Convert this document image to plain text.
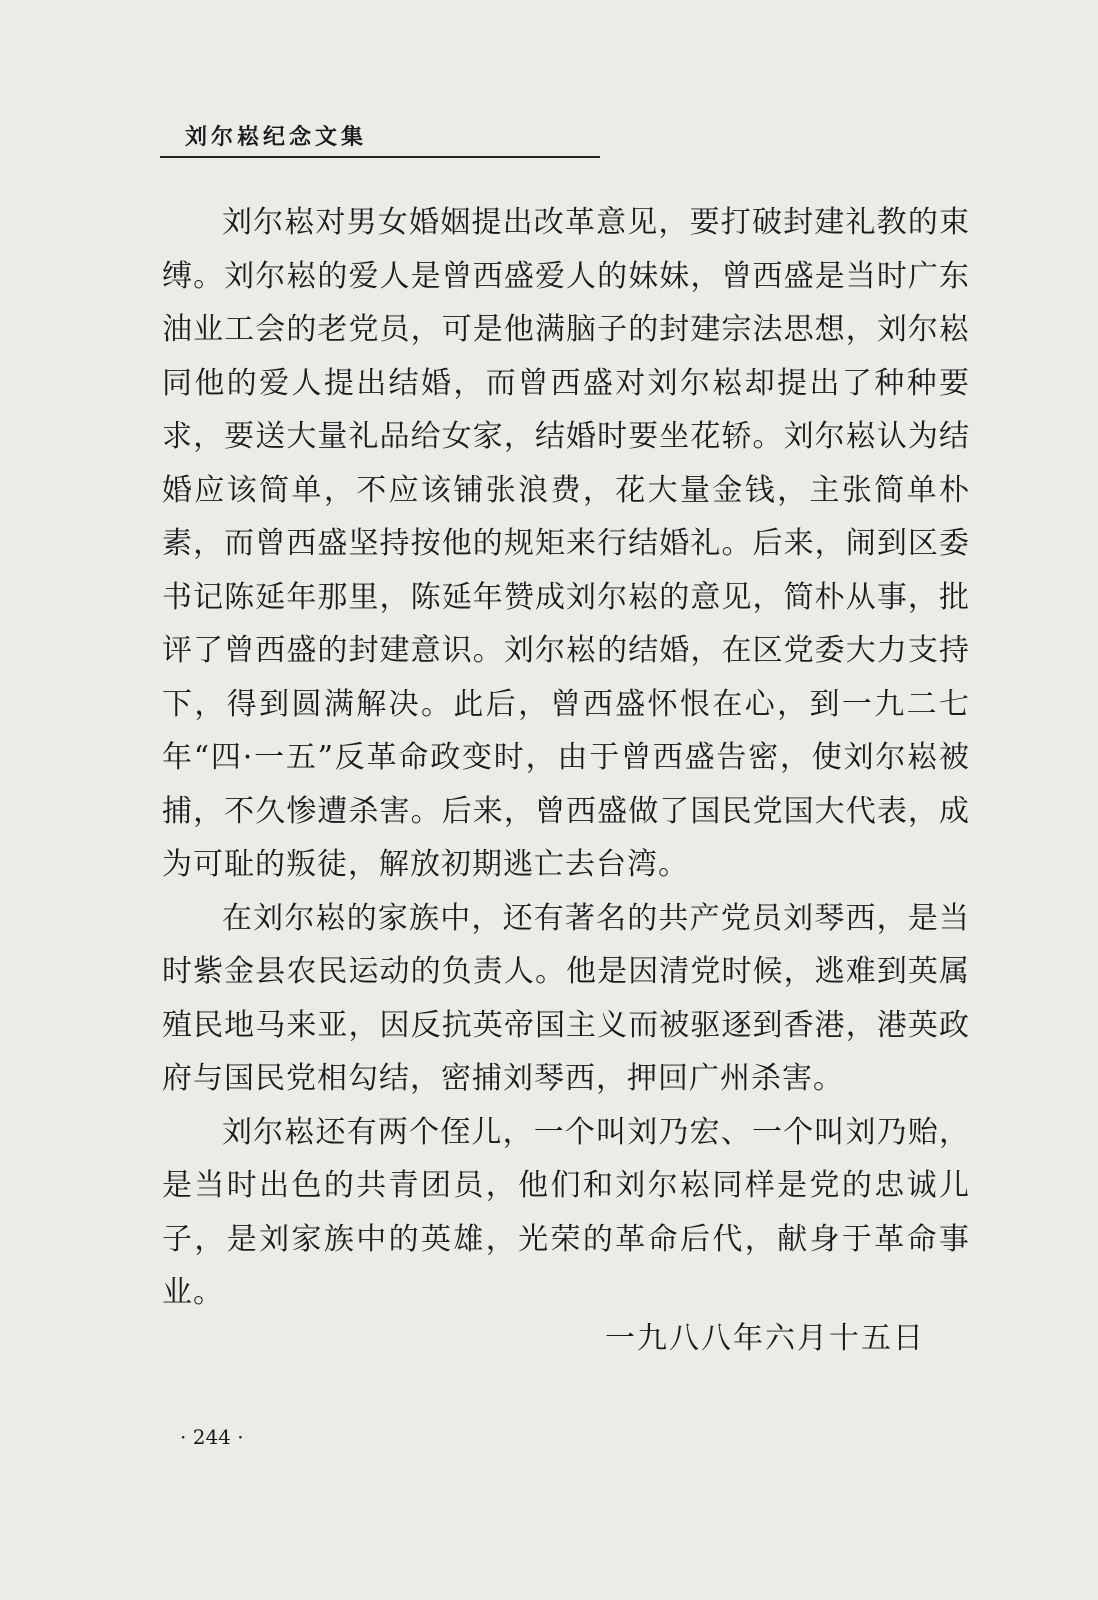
刘尔崧纪念文集

刘尔崧对男女婚姻提出改革意见，要打破封建礼教的束缚。刘尔崧的爱人是曾西盛爱人的妹妹，曾西盛是当时广东油业工会的老党员，可是他满脑子的封建宗法思想，刘尔崧同他的爱人提出结婚，而曾西盛对刘尔崧却提出了种种要求，要送大量礼品给女家，结婚时要坐花轿。刘尔崧认为结婚应该简单，不应该铺张浪费，花大量金钱，主张简单朴素，而曾西盛坚持按他的规矩来行结婚礼。后来，闹到区委书记陈延年那里，陈延年赞成刘尔崧的意见，简朴从事，批评了曾西盛的封建意识。刘尔崧的结婚，在区党委大力支持下，得到圆满解决。此后，曾西盛怀恨在心，到一九二七年“四·一五”反革命政变时，由于曾西盛告密，使刘尔崧被捕，不久惨遭杀害。后来，曾西盛做了国民党国大代表，成为可耻的叛徒，解放初期逃亡去台湾。

在刘尔崧的家族中，还有著名的共产党员刘琴西，是当时紫金县农民运动的负责人。他是因清党时候，逃难到英属殖民地马来亚，因反抗英帝国主义而被驱逐到香港，港英政府与国民党相勾结，密捕刘琴西，押回广州杀害。

刘尔崧还有两个侄儿，一个叫刘乃宏、一个叫刘乃贻，是当时出色的共青团员，他们和刘尔崧同样是党的忠诚儿子，是刘家族中的英雄，光荣的革命后代，献身于革命事业。

一九八八年六月十五日
· 244 ·
